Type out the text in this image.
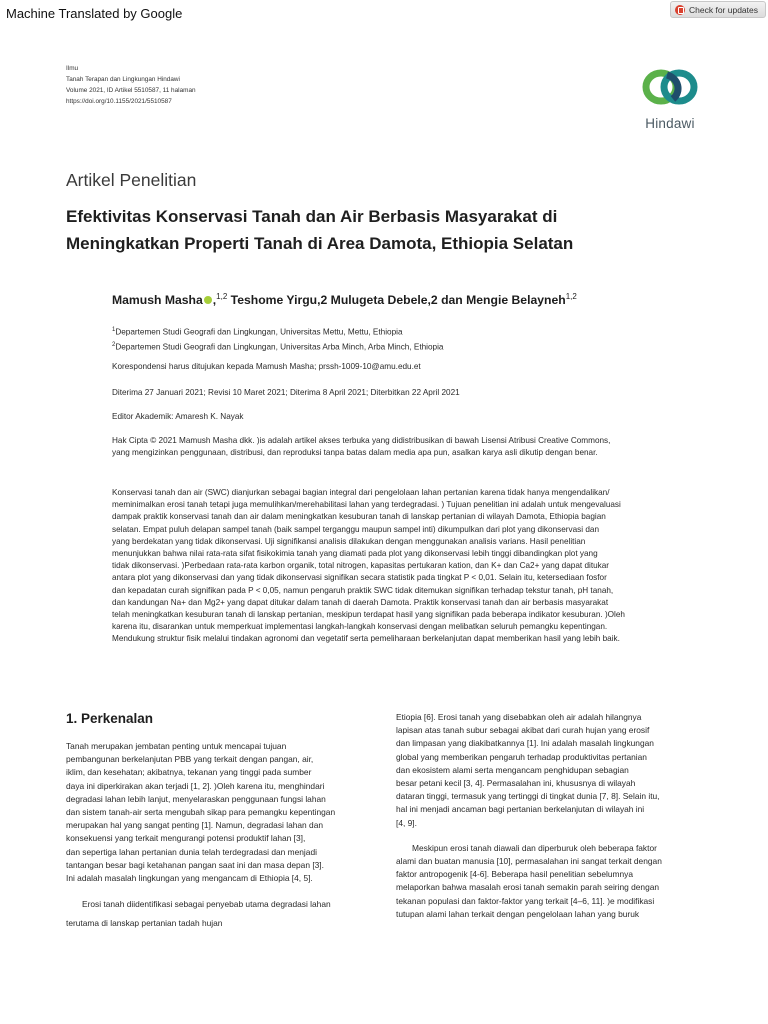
Machine Translated by Google	Check for updates
Ilmu
Tanah Terapan dan Lingkungan Hindawi
Volume 2021, ID Artikel 5510587, 11 halaman
https://doi.org/10.1155/2021/5510587
Hindawi
Artikel Penelitian
Efektivitas Konservasi Tanah dan Air Berbasis Masyarakat di
Meningkatkan Properti Tanah di Area Damota, Ethiopia Selatan
Mamush Masha ,$^{1,2}$ Teshome Yirgu,2 Mulugeta Debele,2 dan Mengie Belayneh$^{1,2}$
$^1$Departemen Studi Geografi dan Lingkungan, Universitas Mettu, Mettu, Ethiopia
$^2$Departemen Studi Geografi dan Lingkungan, Universitas Arba Minch, Arba Minch, Ethiopia
Korespondensi harus ditujukan kepada Mamush Masha; prssh-1009-10@amu.edu.et
Diterima 27 Januari 2021; Revisi 10 Maret 2021; Diterima 8 April 2021; Diterbitkan 22 April 2021
Editor Akademik: Amaresh K. Nayak
Hak Cipta © 2021 Mamush Masha dkk. )is adalah artikel akses terbuka yang didistribusikan di bawah Lisensi Atribusi Creative Commons,
yang mengizinkan penggunaan, distribusi, dan reproduksi tanpa batas dalam media apa pun, asalkan karya asli dikutip dengan benar.
Konservasi tanah dan air (SWC) dianjurkan sebagai bagian integral dari pengelolaan lahan pertanian karena tidak hanya mengendalikan/
meminimalkan erosi tanah tetapi juga memulihkan/merehabilitasi lahan yang terdegradasi. ) Tujuan penelitian ini adalah untuk mengevaluasi
dampak praktik konservasi tanah dan air dalam meningkatkan kesuburan tanah di lanskap pertanian di wilayah Damota, Ethiopia bagian
selatan. Empat puluh delapan sampel tanah (baik sampel terganggu maupun sampel inti) dikumpulkan dari plot yang dikonservasi dan
yang berdekatan yang tidak dikonservasi. Uji signifikansi analisis dilakukan dengan menggunakan analisis varians. Hasil penelitian
menunjukkan bahwa nilai rata-rata sifat fisikokimia tanah yang diamati pada plot yang dikonservasi lebih tinggi dibandingkan plot yang
tidak dikonservasi. )Perbedaan rata-rata karbon organik, total nitrogen, kapasitas pertukaran kation, dan K+ dan Ca2+ yang dapat ditukar
antara plot yang dikonservasi dan yang tidak dikonservasi signifikan secara statistik pada tingkat P < 0,01. Selain itu, ketersediaan fosfor
dan kepadatan curah signifikan pada P < 0,05, namun pengaruh praktik SWC tidak ditemukan signifikan terhadap tekstur tanah, pH tanah,
dan kandungan Na+ dan Mg2+ yang dapat ditukar dalam tanah di daerah Damota. Praktik konservasi tanah dan air berbasis masyarakat
telah meningkatkan kesuburan tanah di lanskap pertanian, meskipun terdapat hasil yang signifikan pada beberapa indikator kesuburan. )Oleh
karena itu, disarankan untuk memperkuat implementasi langkah-langkah konservasi dengan melibatkan seluruh pemangku kepentingan.
Mendukung struktur fisik melalui tindakan agronomi dan vegetatif serta pemeliharaan berkelanjutan dapat memberikan hasil yang lebih baik.
1. Perkenalan

Tanah merupakan jembatan penting untuk mencapai tujuan
pembangunan berkelanjutan PBB yang terkait dengan pangan, air,
iklim, dan kesehatan; akibatnya, tekanan yang tinggi pada sumber
daya ini diperkirakan akan terjadi [1, 2]. )Oleh karena itu, menghindari
degradasi lahan lebih lanjut, menyelaraskan penggunaan fungsi lahan
dan sistem tanah-air serta mengubah sikap para pemangku kepentingan
merupakan hal yang sangat penting [1]. Namun, degradasi lahan dan
konsekuensi yang terkait mengurangi potensi produktif lahan [3],
dan sepertiga lahan pertanian dunia telah terdegradasi dan menjadi
tantangan besar bagi ketahanan pangan saat ini dan masa depan [3].
Ini adalah masalah lingkungan yang mengancam di Ethiopia [4, 5].

Erosi tanah diidentifikasi sebagai penyebab utama degradasi lahan
terutama di lanskap pertanian tadah hujan

Etiopia [6]. Erosi tanah yang disebabkan oleh air adalah hilangnya
lapisan atas tanah subur sebagai akibat dari curah hujan yang erosif
dan limpasan yang diakibatkannya [1]. Ini adalah masalah lingkungan
global yang memberikan pengaruh terhadap produktivitas pertanian
dan ekosistem alami serta mengancam penghidupan sebagian
besar petani kecil [3, 4]. Permasalahan ini, khususnya di wilayah
dataran tinggi, termasuk yang tertinggi di tingkat dunia [7, 8]. Selain itu,
hal ini menjadi ancaman bagi pertanian berkelanjutan di wilayah ini
[4, 9].

Meskipun erosi tanah diawali dan diperburuk oleh beberapa faktor
alami dan buatan manusia [10], permasalahan ini sangat terkait dengan
faktor antropogenik [4-6]. Beberapa hasil penelitian sebelumnya
melaporkan bahwa masalah erosi tanah semakin parah seiring dengan
tekanan populasi dan faktor-faktor yang terkait [4–6, 11]. )e modifikasi
tutupan alami lahan terkait dengan pengelolaan lahan yang buruk
